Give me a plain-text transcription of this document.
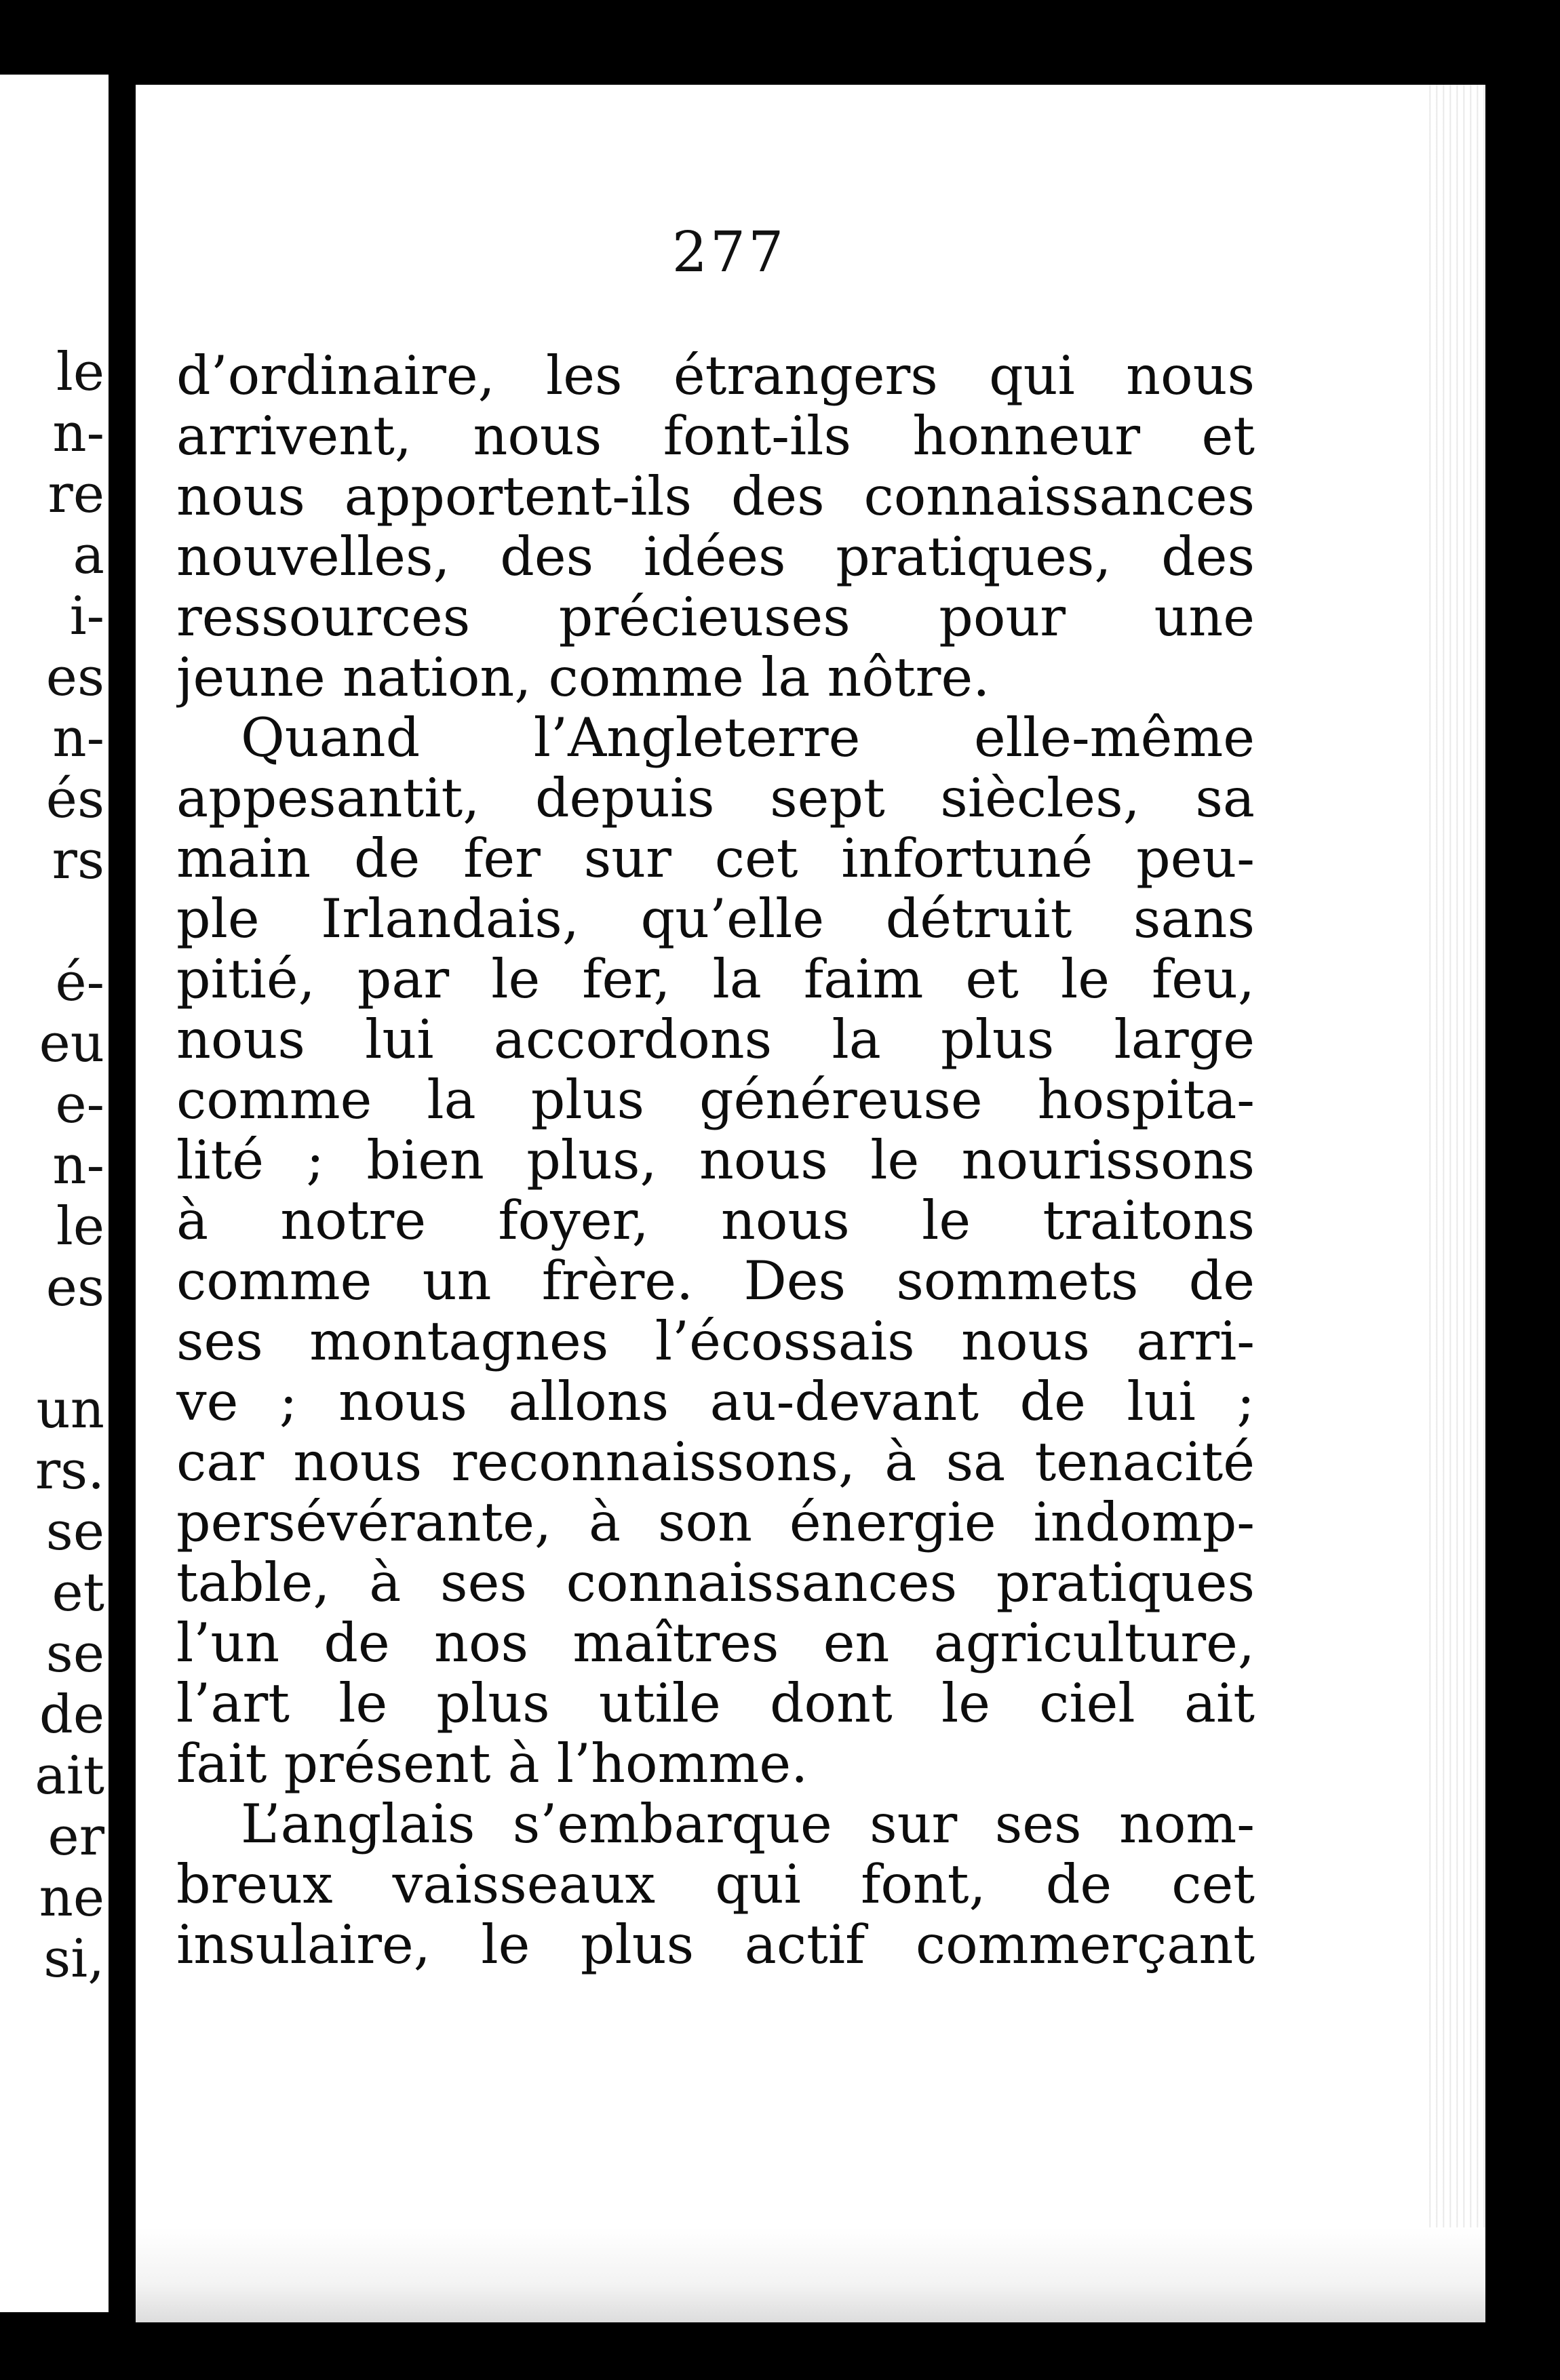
le
n-
re
a
i-
es
n-
és
rs
é-
eu
e-
n-
le
es
un
rs.
se
et
se
de
ait
er
ne
si,
277
d’ordinaire, les étrangers qui nous
arrivent, nous font-ils honneur et
nous apportent-ils des connaissances
nouvelles, des idées pratiques, des
ressources précieuses pour une
jeune nation, comme la nôtre.
Quand l’Angleterre elle-même
appesantit, depuis sept siècles, sa
main de fer sur cet infortuné peu-
ple Irlandais, qu’elle détruit sans
pitié, par le fer, la faim et le feu,
nous lui accordons la plus large
comme la plus généreuse hospita-
lité ; bien plus, nous le nourissons
à notre foyer, nous le traitons
comme un frère. Des sommets de
ses montagnes l’écossais nous arri-
ve ; nous allons au-devant de lui ;
car nous reconnaissons, à sa tenacité
persévérante, à son énergie indomp-
table, à ses connaissances pratiques
l’un de nos maîtres en agriculture,
l’art le plus utile dont le ciel ait
fait présent à l’homme.
L’anglais s’embarque sur ses nom-
breux vaisseaux qui font, de cet
insulaire, le plus actif commerçant
